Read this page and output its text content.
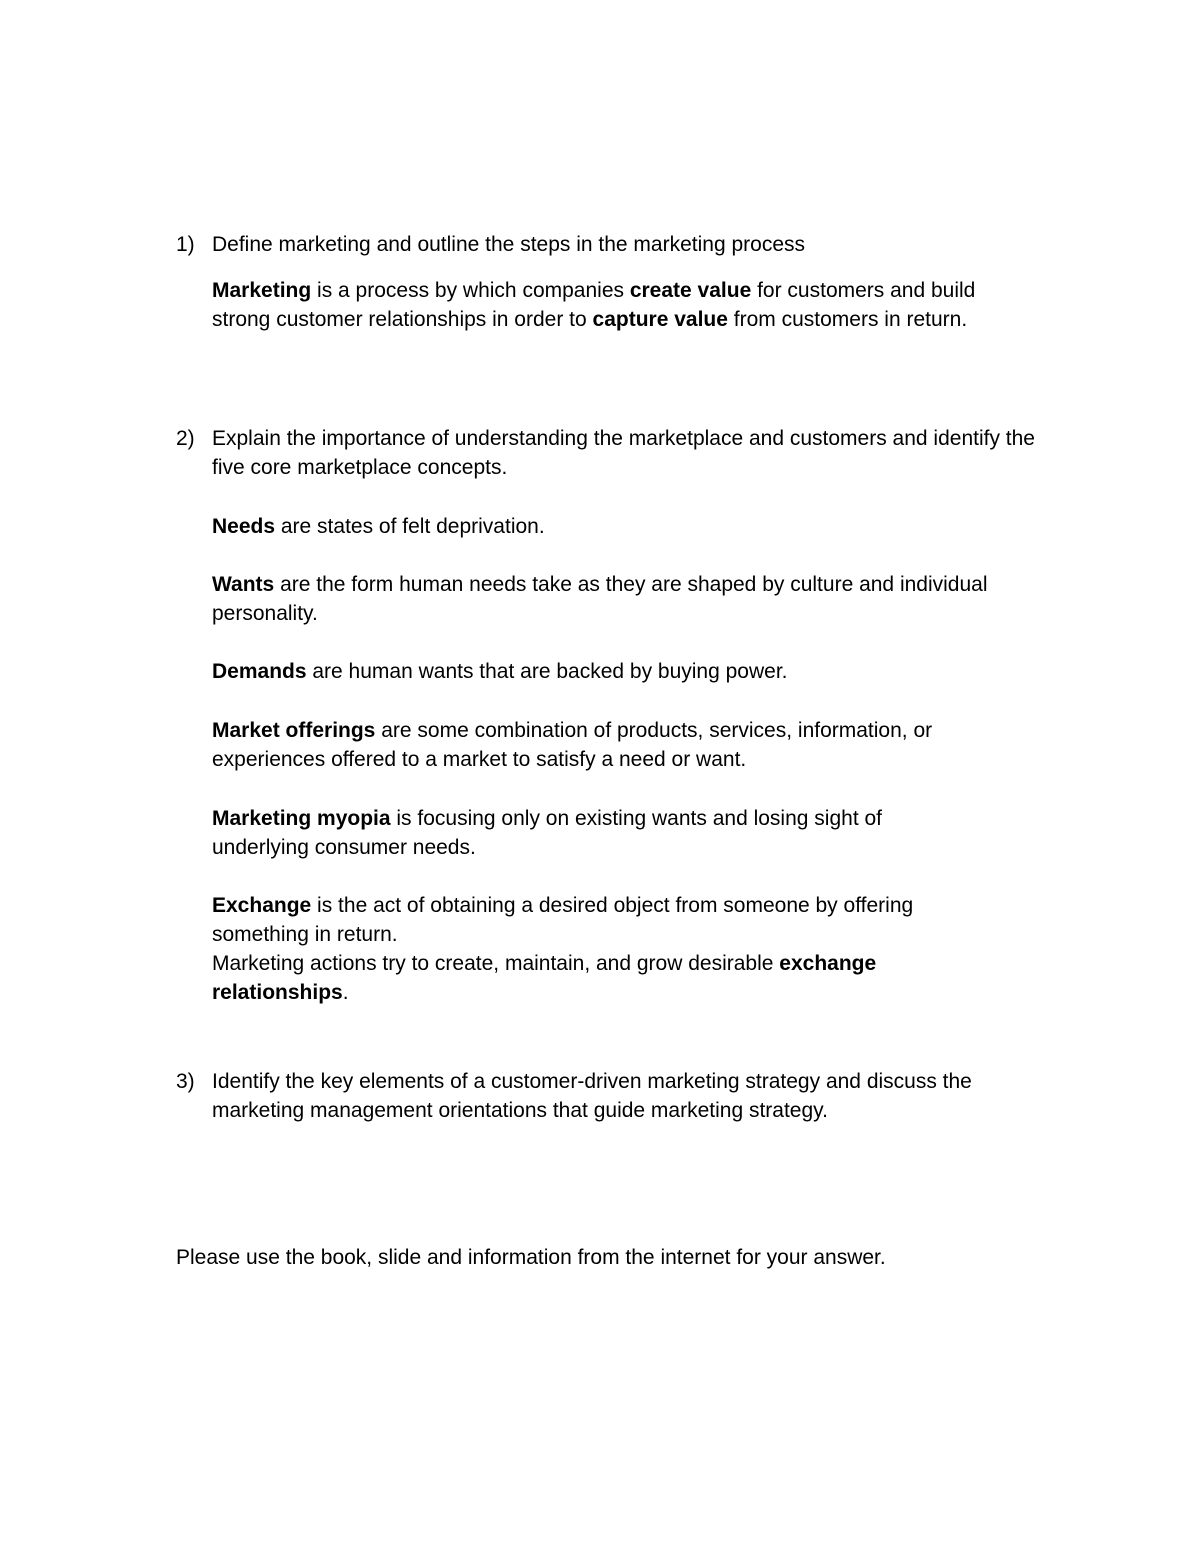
1) Define marketing and outline the steps in the marketing process
Marketing is a process by which companies create value for customers and build strong customer relationships in order to capture value from customers in return.
2) Explain the importance of understanding the marketplace and customers and identify the five core marketplace concepts.
Needs are states of felt deprivation.
Wants are the form human needs take as they are shaped by culture and individual personality.
Demands are human wants that are backed by buying power.
Market offerings are some combination of products, services, information, or experiences offered to a market to satisfy a need or want.
Marketing myopia is focusing only on existing wants and losing sight of underlying consumer needs.
Exchange is the act of obtaining a desired object from someone by offering something in return.
Marketing actions try to create, maintain, and grow desirable exchange relationships.
3) Identify the key elements of a customer-driven marketing strategy and discuss the marketing management orientations that guide marketing strategy.
Please use the book, slide and information from the internet for your answer.
